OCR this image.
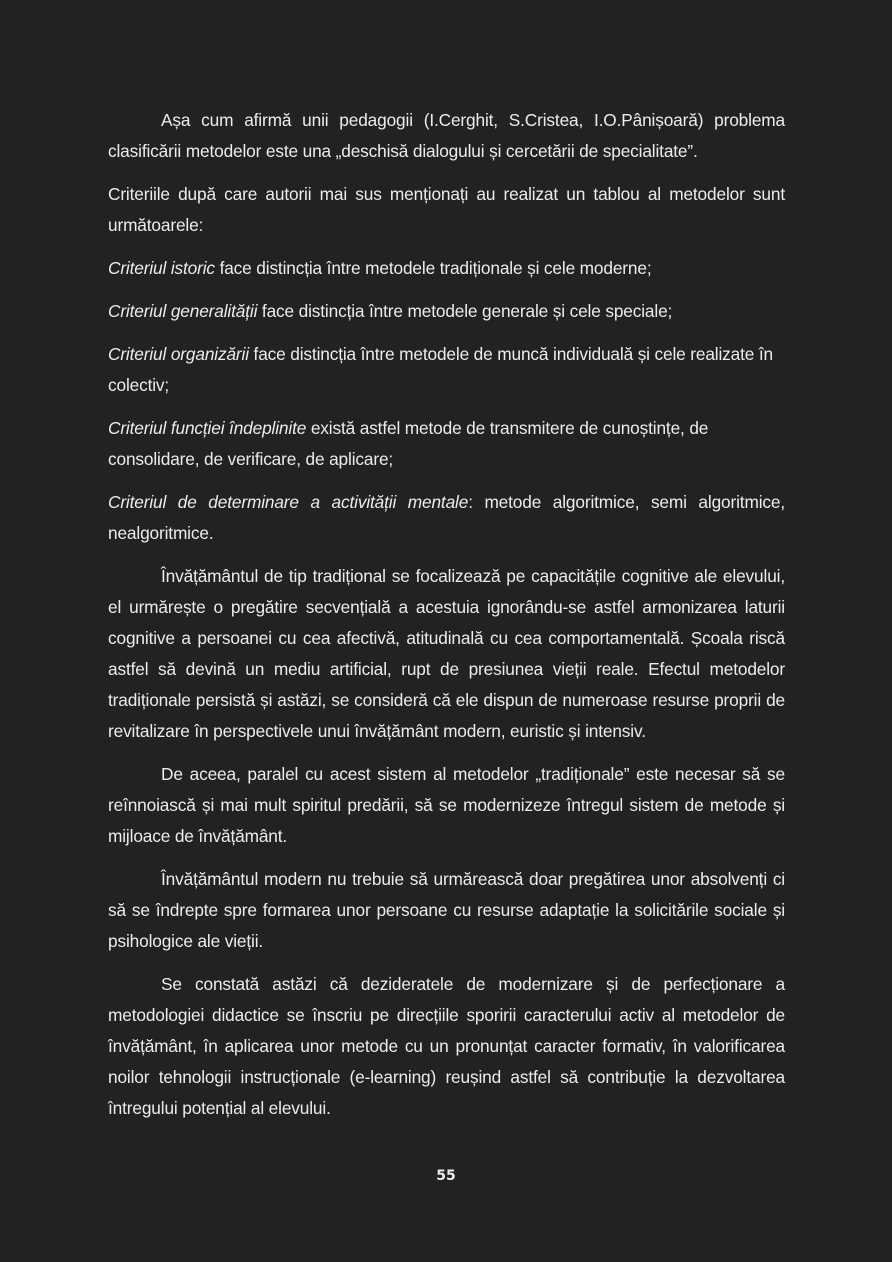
Așa cum afirmă unii pedagogii (I.Cerghit, S.Cristea, I.O.Pânișoară) problema clasificării metodelor este una „deschisă dialogului și cercetării de specialitate”.

Criteriile după care autorii mai sus menționați au realizat un tablou al metodelor sunt următoarele:

Criteriul istoric face distincția între metodele tradiționale și cele moderne;

Criteriul generalității face distincția între metodele generale și cele speciale;

Criteriul organizării face distincția între metodele de muncă individuală și cele realizate în colectiv;

Criteriul funcției îndeplinite există astfel metode de transmitere de cunoștințe, de consolidare, de verificare, de aplicare;

Criteriul de determinare a activității mentale: metode algoritmice, semi algoritmice, nealgoritmice.

Învățământul de tip tradițional se focalizează pe capacitățile cognitive ale elevului, el urmărește o pregătire secvențială a acestuia ignorându-se astfel armonizarea laturii cognitive a persoanei cu cea afectivă, atitudinală cu cea comportamentală. Școala riscă astfel să devină un mediu artificial, rupt de presiunea vieții reale. Efectul metodelor tradiționale persistă și astăzi, se consideră că ele dispun de numeroase resurse proprii de revitalizare în perspectivele unui învățământ modern, euristic și intensiv.

De aceea, paralel cu acest sistem al metodelor „tradiționale” este necesar să se reînnoiască și mai mult spiritul predării, să se modernizeze întregul sistem de metode și mijloace de învățământ.

Învățământul modern nu trebuie să urmărească doar pregătirea unor absolvenți ci să se îndrepte spre formarea unor persoane cu resurse adaptație la solicitările sociale și psihologice ale vieții.

Se constată astăzi că dezideratele de modernizare și de perfecționare a metodologiei didactice se înscriu pe direcțiile sporirii caracterului activ al metodelor de învățământ, în aplicarea unor metode cu un pronunțat caracter formativ, în valorificarea noilor tehnologii instrucționale (e-learning) reușind astfel să contribuție la dezvoltarea întregului potențial al elevului.

55
